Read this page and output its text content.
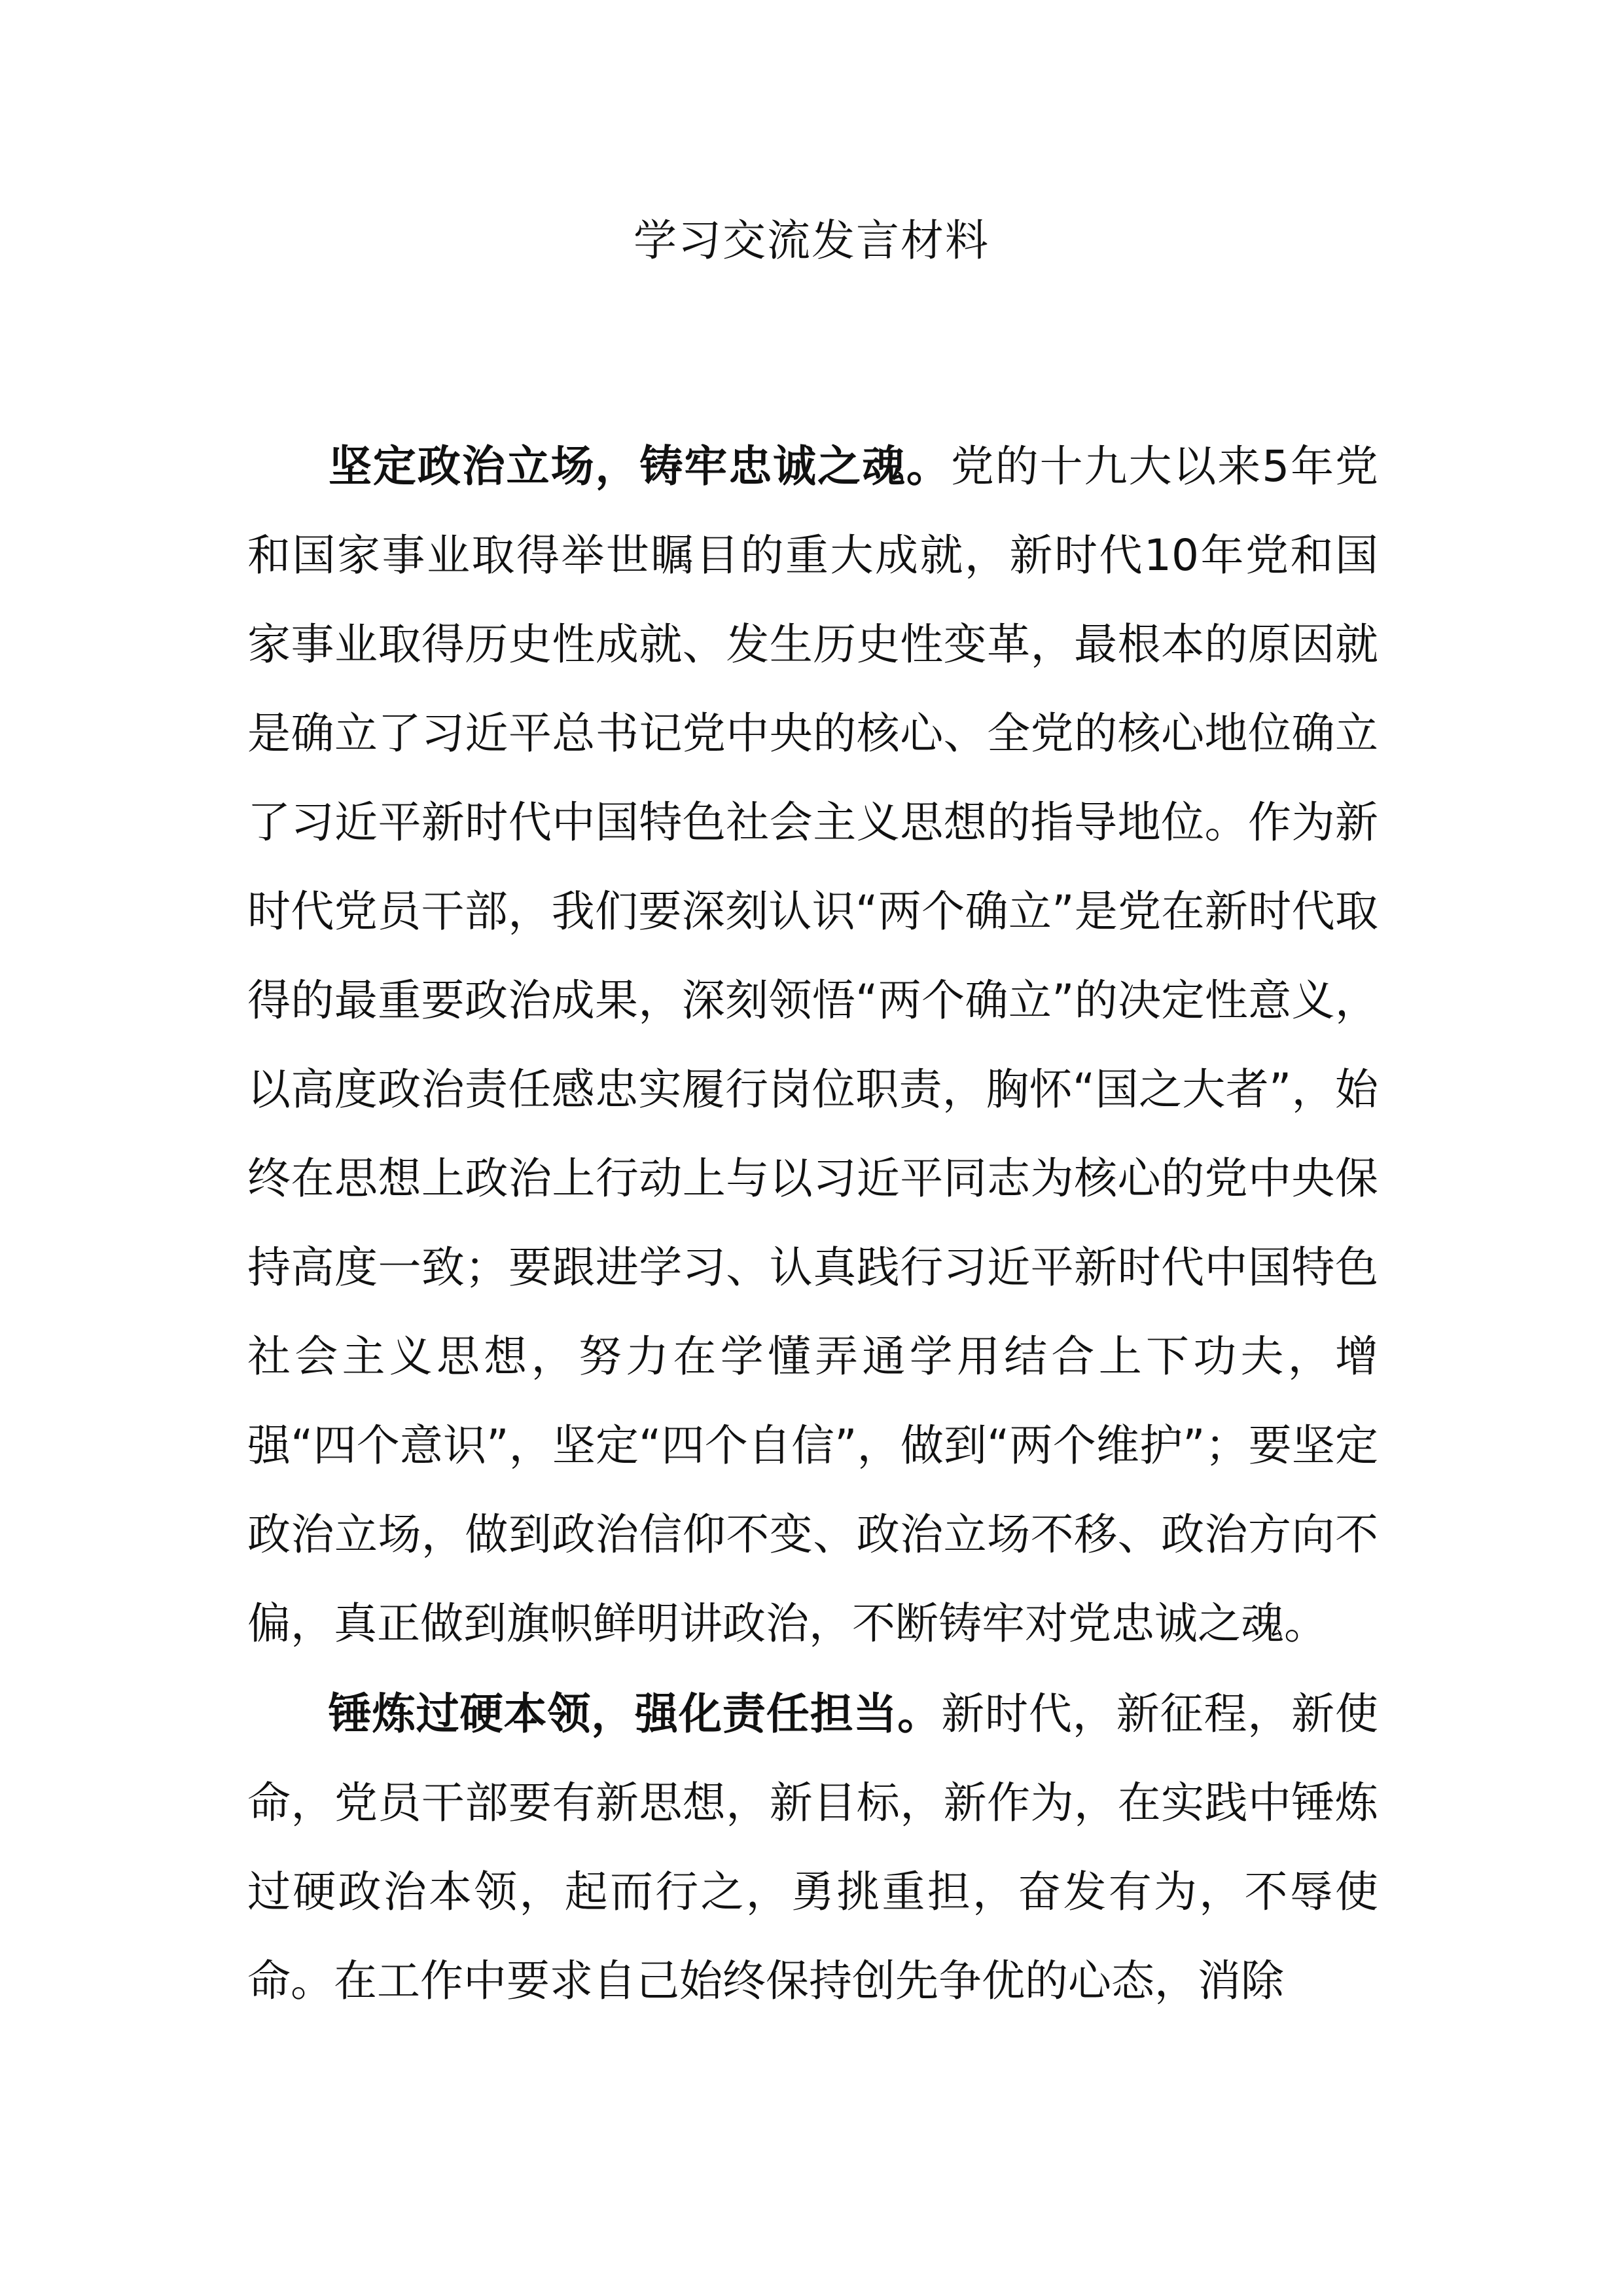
学习交流发言材料

坚定政治立场，铸牢忠诚之魂。党的十九大以来5年党和国家事业取得举世瞩目的重大成就，新时代10年党和国家事业取得历史性成就、发生历史性变革，最根本的原因就是确立了习近平总书记党中央的核心、全党的核心地位确立了习近平新时代中国特色社会主义思想的指导地位。作为新时代党员干部，我们要深刻认识“两个确立”是党在新时代取得的最重要政治成果，深刻领悟“两个确立”的决定性意义，以高度政治责任感忠实履行岗位职责，胸怀“国之大者”，始终在思想上政治上行动上与以习近平同志为核心的党中央保持高度一致；要跟进学习、认真践行习近平新时代中国特色社会主义思想，努力在学懂弄通学用结合上下功夫，增强“四个意识”，坚定“四个自信”，做到“两个维护”；要坚定政治立场，做到政治信仰不变、政治立场不移、政治方向不偏，真正做到旗帜鲜明讲政治，不断铸牢对党忠诚之魂。

锤炼过硬本领，强化责任担当。新时代，新征程，新使命，党员干部要有新思想，新目标，新作为，在实践中锤炼过硬政治本领，起而行之，勇挑重担，奋发有为，不辱使命。在工作中要求自己始终保持创先争优的心态，消除
